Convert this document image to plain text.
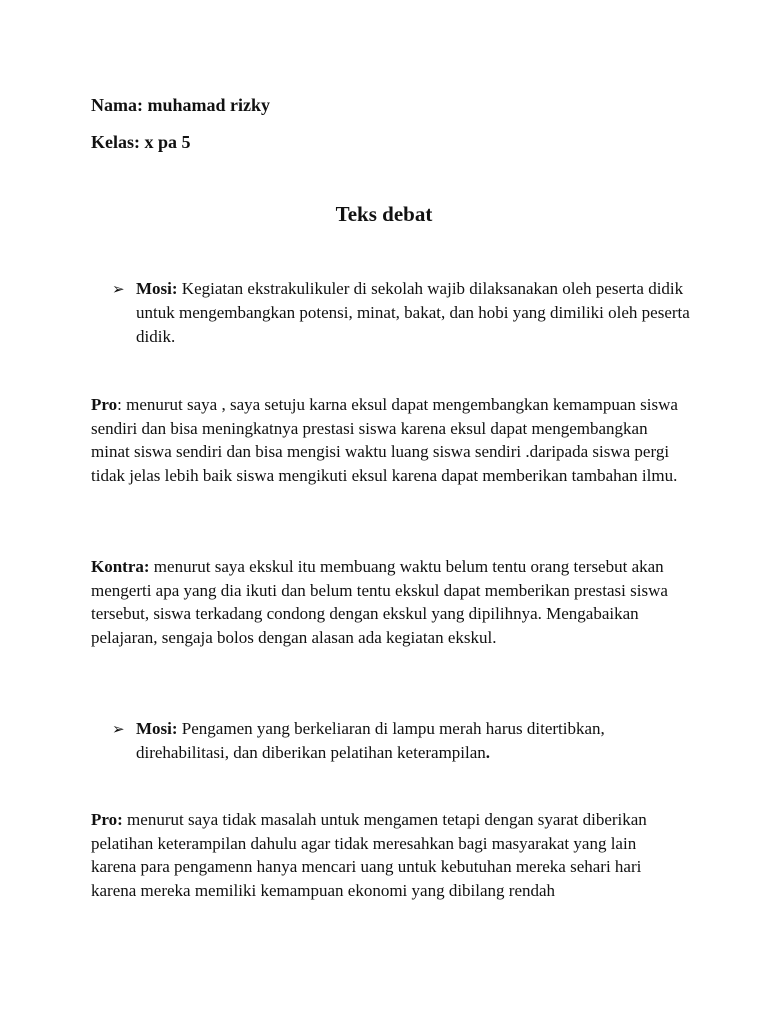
Nama: muhamad rizky
Kelas: x pa 5
Teks debat
➢ Mosi: Kegiatan ekstrakulikuler di sekolah wajib dilaksanakan oleh peserta didik untuk mengembangkan potensi, minat, bakat, dan hobi yang dimiliki oleh peserta didik.
Pro: menurut saya , saya setuju karna eksul dapat mengembangkan kemampuan siswa sendiri dan bisa meningkatnya prestasi siswa karena eksul dapat mengembangkan minat siswa sendiri dan bisa mengisi waktu luang siswa sendiri .daripada siswa pergi tidak jelas lebih baik siswa mengikuti eksul karena dapat memberikan tambahan ilmu.
Kontra: menurut saya ekskul itu membuang waktu belum tentu orang tersebut akan mengerti apa yang dia ikuti dan belum tentu ekskul dapat memberikan prestasi siswa tersebut, siswa terkadang condong dengan ekskul yang dipilihnya. Mengabaikan pelajaran, sengaja bolos dengan alasan ada kegiatan ekskul.
➢ Mosi: Pengamen yang berkeliaran di lampu merah harus ditertibkan, direhabilitasi, dan diberikan pelatihan keterampilan.
Pro: menurut saya tidak masalah untuk mengamen tetapi dengan syarat diberikan pelatihan keterampilan dahulu agar tidak meresahkan bagi masyarakat yang lain karena para pengamenn hanya mencari uang untuk kebutuhan mereka sehari hari karena mereka memiliki kemampuan ekonomi yang dibilang rendah
